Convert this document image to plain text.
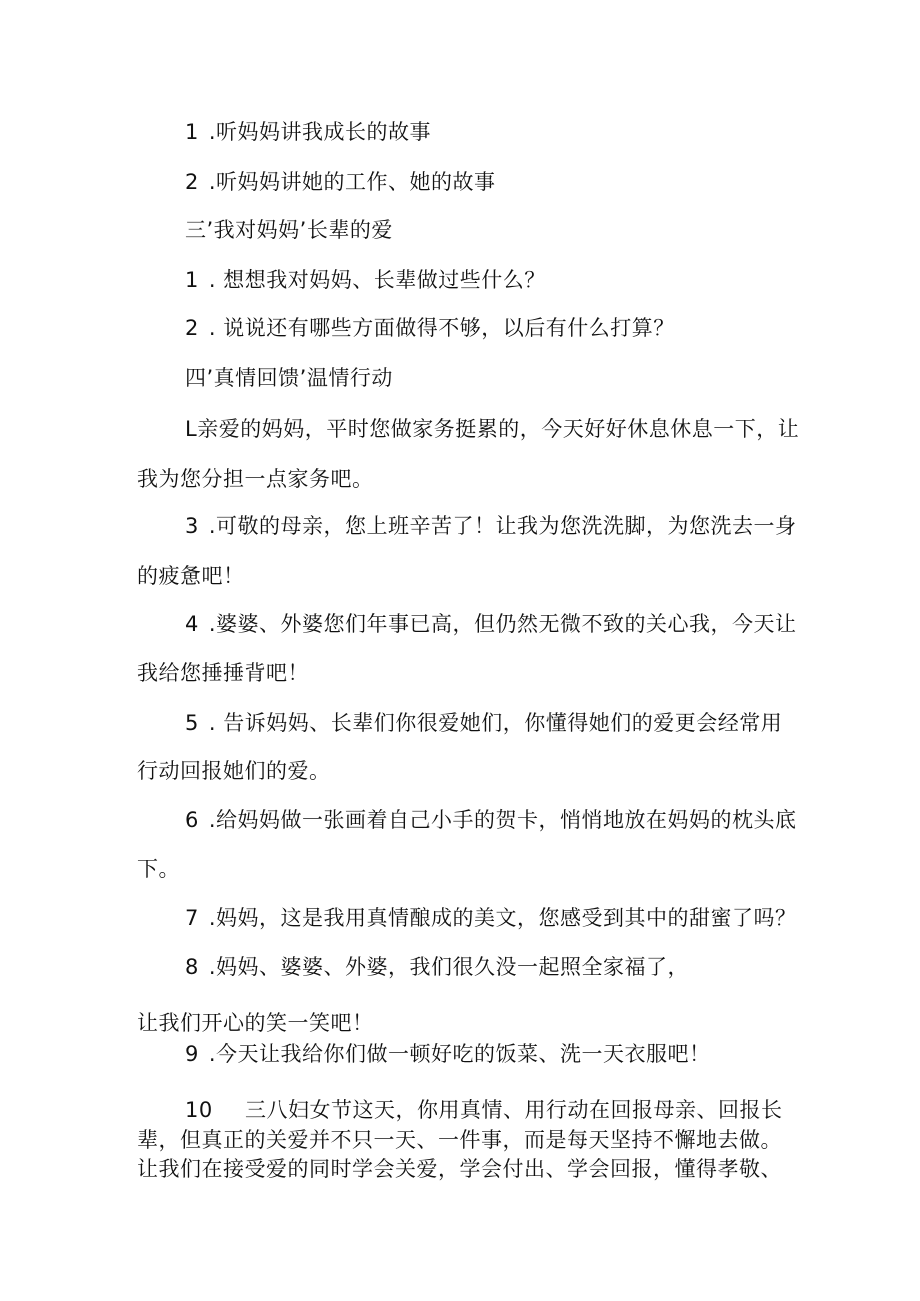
1 .听妈妈讲我成长的故事
2 .听妈妈讲她的工作、她的故事
三’我对妈妈’长辈的爱
1 . 想想我对妈妈、长辈做过些什么？
2 . 说说还有哪些方面做得不够，以后有什么打算？
四’真情回馈’温情行动
L亲爱的妈妈，平时您做家务挺累的，今天好好休息休息一下，让
我为您分担一点家务吧。
3 .可敬的母亲，您上班辛苦了！让我为您洗洗脚，为您洗去一身
的疲惫吧！
4 .婆婆、外婆您们年事已高，但仍然无微不致的关心我，今天让
我给您捶捶背吧！
5 . 告诉妈妈、长辈们你很爱她们，你懂得她们的爱更会经常用
行动回报她们的爱。
6 .给妈妈做一张画着自己小手的贺卡，悄悄地放在妈妈的枕头底
下。
7 .妈妈，这是我用真情酿成的美文，您感受到其中的甜蜜了吗？
8 .妈妈、婆婆、外婆，我们很久没一起照全家福了，
让我们开心的笑一笑吧！
9 .今天让我给你们做一顿好吃的饭菜、洗一天衣服吧！
10 三八妇女节这天，你用真情、用行动在回报母亲、回报长
辈，但真正的关爱并不只一天、一件事，而是每天坚持不懈地去做。
让我们在接受爱的同时学会关爱，学会付出、学会回报，懂得孝敬、
